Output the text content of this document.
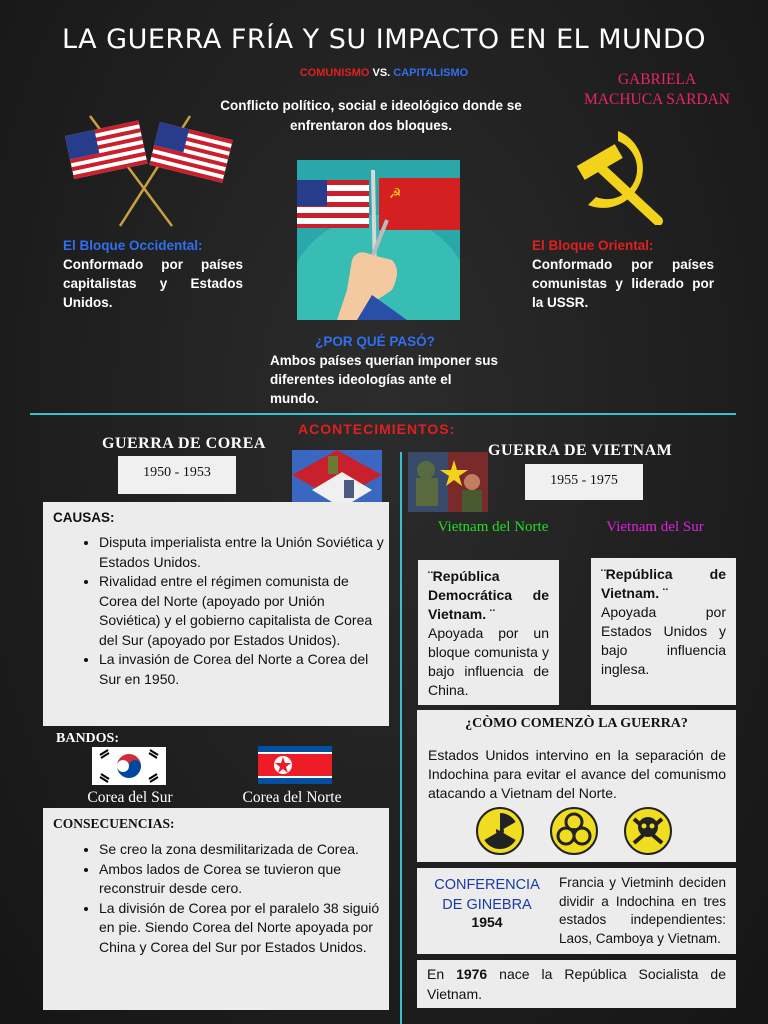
LA GUERRA FRÍA Y SU IMPACTO EN EL MUNDO
COMUNISMO VS. CAPITALISMO	GABRIELA
MACHUCA SARDAN
Conflicto político, social e ideológico donde se enfrentaron dos bloques.
☭
El Bloque Occidental:
Conformado por países capitalistas y Estados Unidos.
El Bloque Oriental:
Conformado por países comunistas y liderado por la USSR.
¿POR QUÉ PASÓ?
Ambos países querían imponer sus diferentes ideologías ante el mundo.
ACONTECIMIENTOS:
GUERRA DE COREA
1950 - 1953
CAUSAS:
• Disputa imperialista entre la Unión Soviética y Estados Unidos.
• Rivalidad entre el régimen comunista de Corea del Norte (apoyado por Unión Soviética) y el gobierno capitalista de Corea del Sur (apoyado por Estados Unidos).
• La invasión de Corea del Norte a Corea del Sur en 1950.
BANDOS:
Corea del Sur	Corea del Norte
CONSECUENCIAS:
• Se creo la zona desmilitarizada de Corea.
• Ambos lados de Corea se tuvieron que reconstruir desde cero.
• La división de Corea por el paralelo 38 siguió en pie. Siendo Corea del Norte apoyada por China y Corea del Sur por Estados Unidos.
GUERRA DE VIETNAM
1955 - 1975
Vietnam del Norte	Vietnam del Sur
¨República Democrática de Vietnam. ¨
Apoyada por un bloque comunista y bajo influencia de China.
¨República de Vietnam. ¨
Apoyada por Estados Unidos y bajo influencia inglesa.
¿CÒMO COMENZÒ LA GUERRA?
Estados Unidos intervino en la separación de Indochina para evitar el avance del comunismo atacando a Vietnam del Norte.
CONFERENCIA DE GINEBRA
1954
Francia y Vietminh deciden dividir a Indochina en tres estados independientes: Laos, Camboya y Vietnam.
En 1976 nace la República Socialista de Vietnam.
